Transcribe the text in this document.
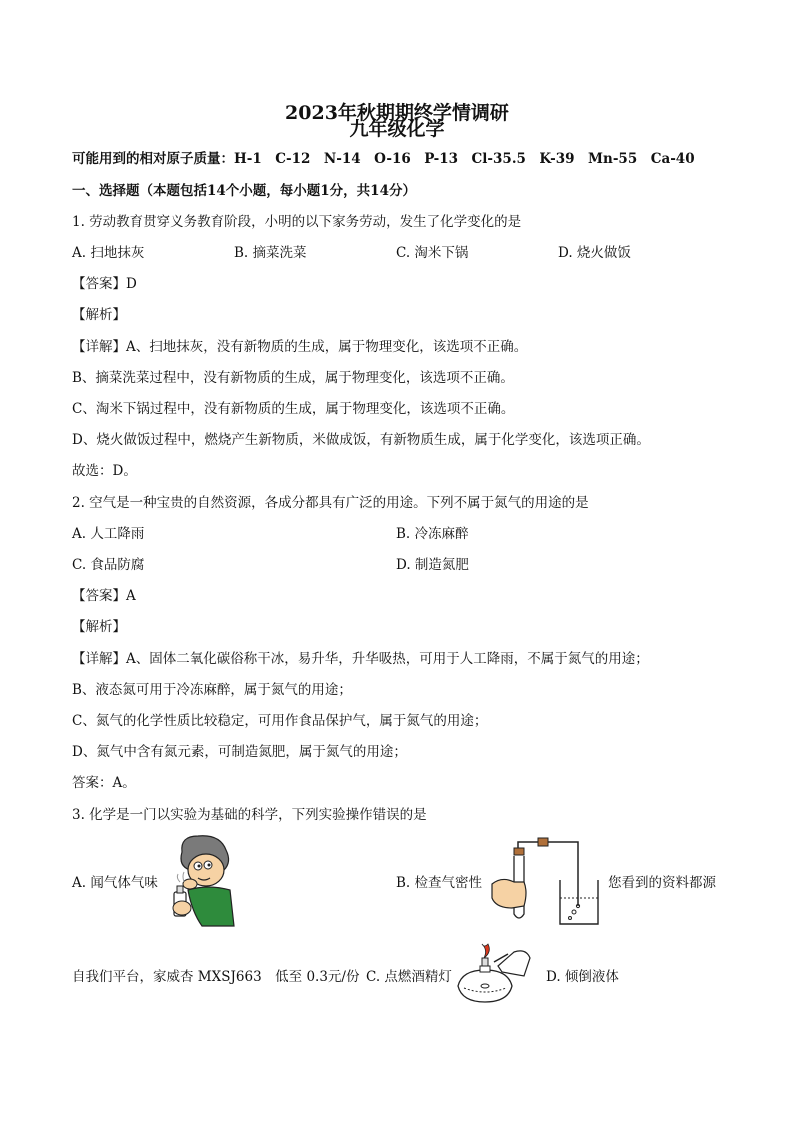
2023年秋期期终学情调研
九年级化学
可能用到的相对原子质量：H-1　C-12　N-14　O-16　P-13　Cl-35.5　K-39　Mn-55　Ca-40
一、选择题（本题包括14个小题，每小题1分，共14分）
1. 劳动教育贯穿义务教育阶段，小明的以下家务劳动，发生了化学变化的是
A. 扫地抹灰	B. 摘菜洗菜	C. 淘米下锅	D. 烧火做饭
【答案】D
【解析】
【详解】A、扫地抹灰，没有新物质的生成，属于物理变化，该选项不正确。
B、摘菜洗菜过程中，没有新物质的生成，属于物理变化，该选项不正确。
C、淘米下锅过程中，没有新物质的生成，属于物理变化，该选项不正确。
D、烧火做饭过程中，燃烧产生新物质，米做成饭，有新物质生成，属于化学变化，该选项正确。
故选：D。
2. 空气是一种宝贵的自然资源，各成分都具有广泛的用途。下列不属于氮气的用途的是
A. 人工降雨	B. 冷冻麻醉
C. 食品防腐	D. 制造氮肥
【答案】A
【解析】
【详解】A、固体二氧化碳俗称干冰，易升华，升华吸热，可用于人工降雨，不属于氮气的用途；
B、液态氮可用于冷冻麻醉，属于氮气的用途；
C、氮气的化学性质比较稳定，可用作食品保护气，属于氮气的用途；
D、氮气中含有氮元素，可制造氮肥，属于氮气的用途；
答案：A。
3. 化学是一门以实验为基础的科学，下列实验操作错误的是
A. 闻气体气味	B. 检查气密性	您看到的资料都源
自我们平台，家威杏 MXSJ663　低至 0.3元/份 C. 点燃酒精灯	D. 倾倒液体
